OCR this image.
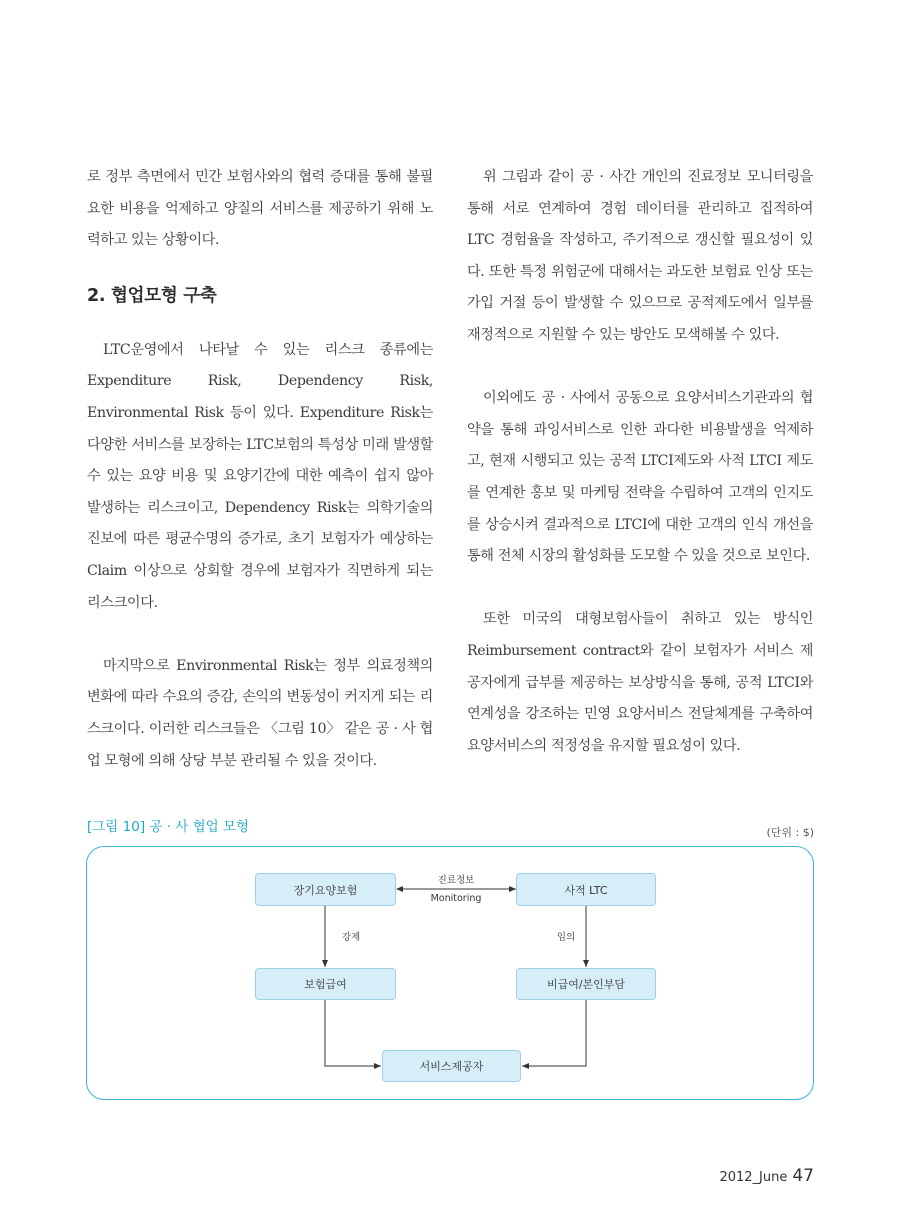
로 정부 측면에서 민간 보험사와의 협력 증대를 통해 불필요한 비용을 억제하고 양질의 서비스를 제공하기 위해 노력하고 있는 상황이다.

2. 협업모형 구축

LTC운영에서 나타날 수 있는 리스크 종류에는 Expenditure Risk, Dependency Risk, Environmental Risk 등이 있다. Expenditure Risk는 다양한 서비스를 보장하는 LTC보험의 특성상 미래 발생할 수 있는 요양 비용 및 요양기간에 대한 예측이 쉽지 않아 발생하는 리스크이고, Dependency Risk는 의학기술의 진보에 따른 평균수명의 증가로, 초기 보험자가 예상하는 Claim 이상으로 상회할 경우에 보험자가 직면하게 되는 리스크이다.

마지막으로 Environmental Risk는 정부 의료정책의 변화에 따라 수요의 증감, 손익의 변동성이 커지게 되는 리스크이다. 이러한 리스크들은 〈그림 10〉 같은 공 · 사 협업 모형에 의해 상당 부분 관리될 수 있을 것이다.

위 그림과 같이 공 · 사간 개인의 진료정보 모니터링을 통해 서로 연계하여 경험 데이터를 관리하고 집적하여 LTC 경험율을 작성하고, 주기적으로 갱신할 필요성이 있다. 또한 특정 위험군에 대해서는 과도한 보험료 인상 또는 가입 거절 등이 발생할 수 있으므로 공적제도에서 일부를 재정적으로 지원할 수 있는 방안도 모색해볼 수 있다.

이외에도 공 · 사에서 공동으로 요양서비스기관과의 협약을 통해 과잉서비스로 인한 과다한 비용발생을 억제하고, 현재 시행되고 있는 공적 LTCI제도와 사적 LTCI 제도를 연계한 홍보 및 마케팅 전략을 수립하여 고객의 인지도를 상승시켜 결과적으로 LTCI에 대한 고객의 인식 개선을 통해 전체 시장의 활성화를 도모할 수 있을 것으로 보인다.

또한 미국의 대형보험사들이 취하고 있는 방식인 Reimbursement contract와 같이 보험자가 서비스 제공자에게 급부를 제공하는 보상방식을 통해, 공적 LTCI와 연계성을 강조하는 민영 요양서비스 전달체계를 구축하여 요양서비스의 적정성을 유지할 필요성이 있다.

[그림 10] 공 · 사 협업 모형	(단위 : $)
장기요양보험	사적 LTC
보험급여	비급여/본인부담
서비스제공자
진료정보
Monitoring
강제	임의
2012_June 47
